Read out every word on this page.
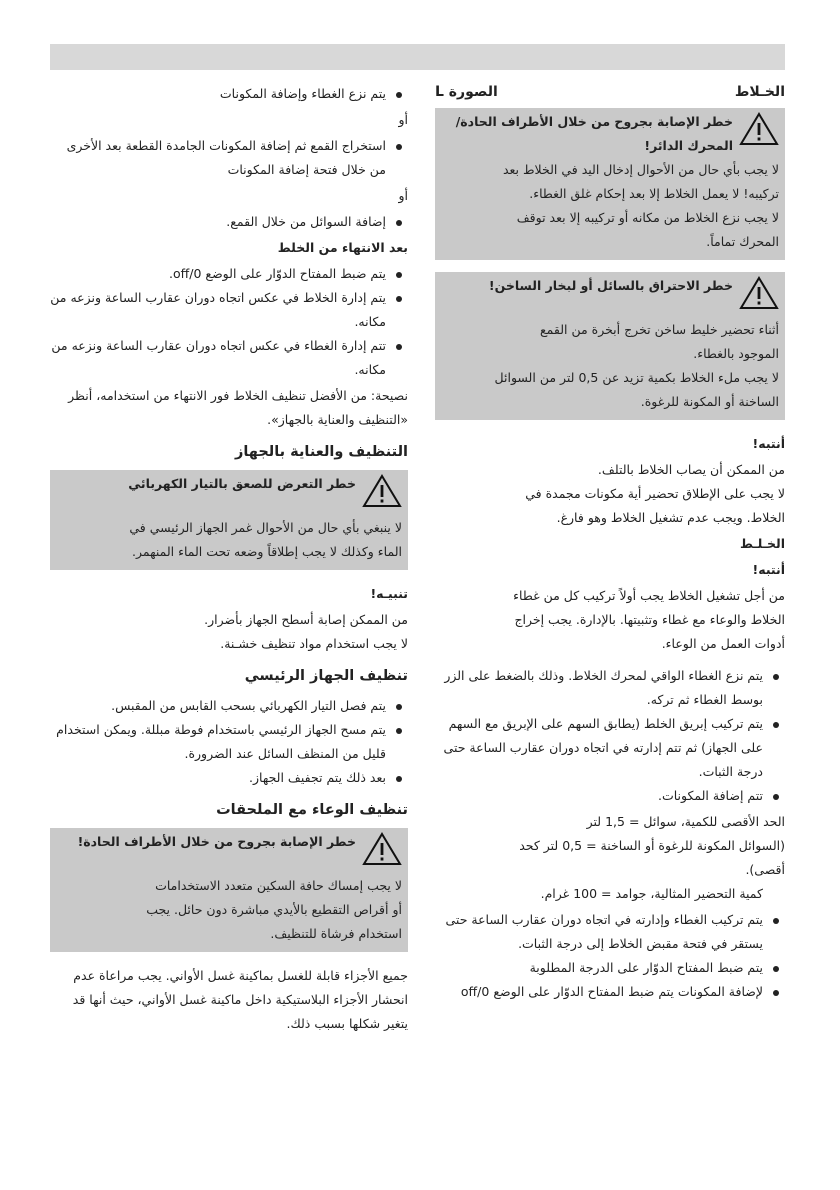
الخـلاط
الصورة L
خطر الإصابة بجروح من خلال الأطراف الحادة/ المحرك الدائر!

لا يجب بأي حال من الأحوال إدخال اليد في الخلاط بعد

تركيبه! لا يعمل الخلاط إلا بعد إحكام غلق الغطاء.

لا يجب نزع الخلاط من مكانه أو تركيبه إلا بعد توقف

المحرك تماماً.

خطر الاحتراق بالسائل أو لبخار الساخن!

أثناء تحضير خليط ساخن تخرج أبخرة من القمع

الموجود بالغطاء.

لا يجب ملء الخلاط بكمية تزيد عن 0,5 لتر من السوائل

الساخنة أو المكونة للرغوة.

أنتبه!

من الممكن أن يصاب الخلاط بالتلف.

لا يجب على الإطلاق تحضير أية مكونات مجمدة في

الخلاط. ويجب عدم تشغيل الخلاط وهو فارغ.

الخـلـط

أنتبه!

من أجل تشغيل الخلاط يجب أولاً تركيب كل من غطاء

الخلاط والوعاء مع غطاء وتثبيتها. بالإدارة. يجب إخراج

أدوات العمل من الوعاء.

يتم نزع الغطاء الواقي لمحرك الخلاط. وذلك بالضغط على الزر بوسط الغطاء ثم تركه.
يتم تركيب إبريق الخلط (يطابق السهم على الإبريق مع السهم على الجهاز) ثم تتم إدارته في اتجاه دوران عقارب الساعة حتى درجة الثبات.
تتم إضافة المكونات.

الحد الأقصى للكمية، سوائل = 1,5 لتر

(السوائل المكونة للرغوة أو الساخنة = 0,5 لتر كحد

أقصى).

كمية التحضير المثالية، جوامد = 100 غرام.

يتم تركيب الغطاء وإدارته في اتجاه دوران عقارب الساعة حتى يستقر في فتحة مقبض الخلاط إلى درجة الثبات.
يتم ضبط المفتاح الدوّار على الدرجة المطلوبة
لإضافة المكونات يتم ضبط المفتاح الدوّار على الوضع off/0
يتم نزع الغطاء وإضافة المكونات

أو

استخراج القمع ثم إضافة المكونات الجامدة القطعة بعد الأخرى من خلال فتحة إضافة المكونات

أو

إضافة السوائل من خلال القمع.

بعد الانتهاء من الخلط

يتم ضبط المفتاح الدوّار على الوضع off/0.
يتم إدارة الخلاط في عكس اتجاه دوران عقارب الساعة ونزعه من مكانه.
تتم إدارة الغطاء في عكس اتجاه دوران عقارب الساعة ونزعه من مكانه.

نصيحة: من الأفضل تنظيف الخلاط فور الانتهاء من استخدامه، أنظر «التنظيف والعناية بالجهاز».

التنظيف والعناية بالجهاز

خطر التعرض للصعق بالتيار الكهربائي

لا ينبغي بأي حال من الأحوال غمر الجهاز الرئيسي في

الماء وكذلك لا يجب إطلاقاً وضعه تحت الماء المنهمر.

تنبيـه!

من الممكن إصابة أسطح الجهاز بأضرار.

لا يجب استخدام مواد تنظيف خشـنة.

تنظيف الجهاز الرئيسي

يتم فصل التيار الكهربائي بسحب القابس من المقبس.
يتم مسح الجهاز الرئيسي باستخدام فوطة مبللة. ويمكن استخدام قليل من المنظف السائل عند الضرورة.
بعد ذلك يتم تجفيف الجهاز.

تنظيف الوعاء مع الملحقات

خطر الإصابة بجروح من خلال الأطراف الحادة!

لا يجب إمساك حافة السكين متعدد الاستخدامات

أو أقراص التقطيع بالأيدي مباشرة دون حائل. يجب

استخدام فرشاة للتنظيف.

جميع الأجزاء قابلة للغسل بماكينة غسل الأواني. يجب مراعاة عدم انحشار الأجزاء البلاستيكية داخل ماكينة غسل الأواني، حيث أنها قد يتغير شكلها بسبب ذلك.
